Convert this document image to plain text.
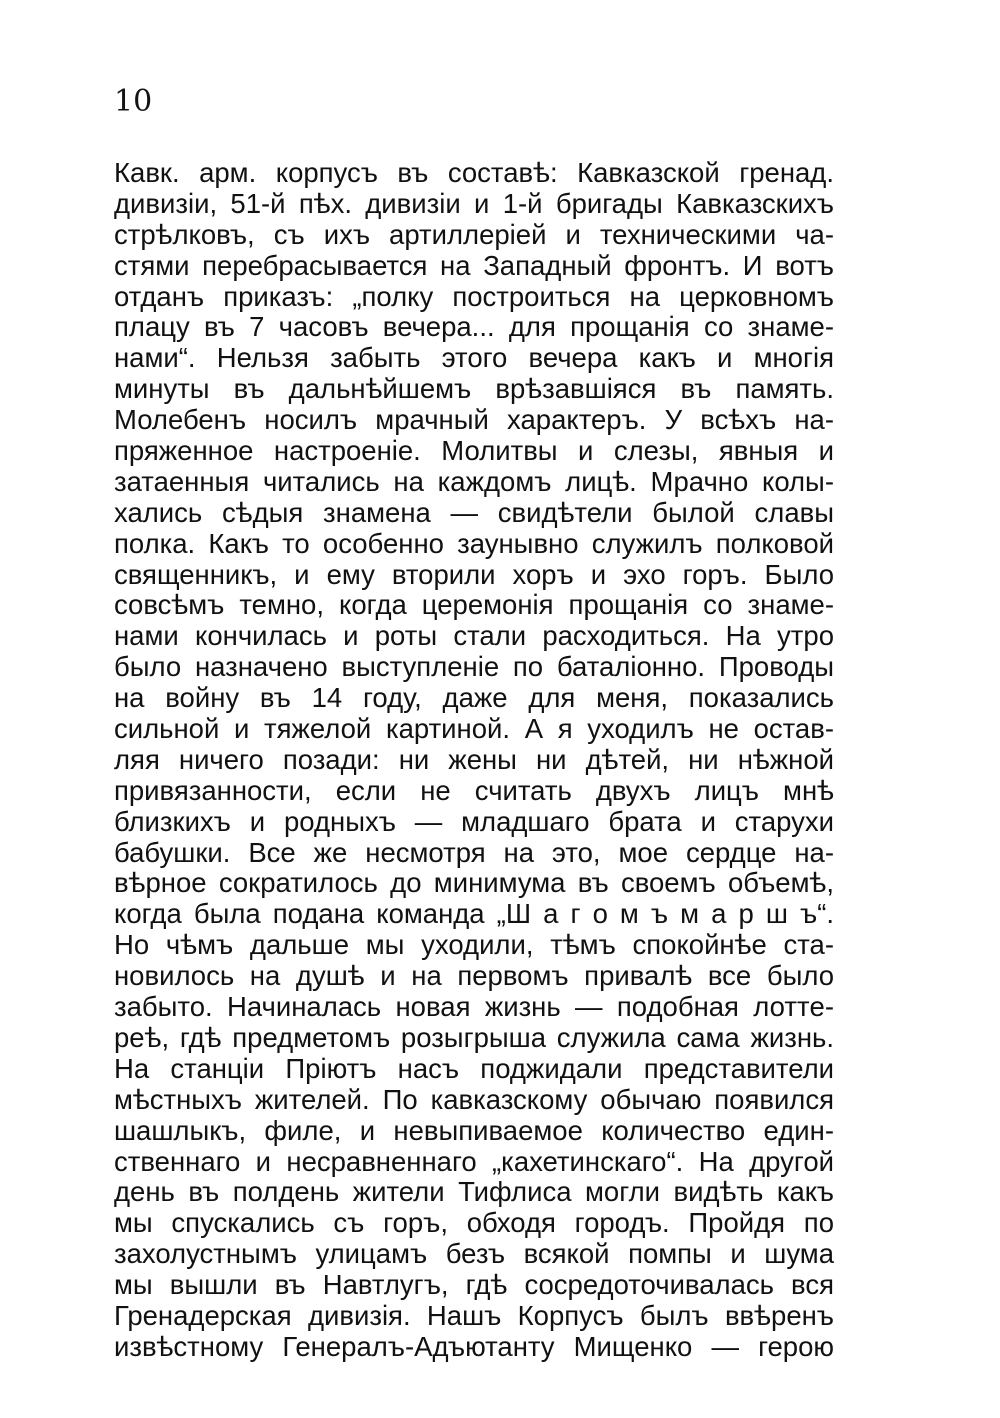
10
Кавк. арм. корпусъ въ составѣ: Кавказской гренад.
дивизіи, 51-й пѣх. дивизіи и 1-й бригады Кавказскихъ
стрѣлковъ, съ ихъ артиллеріей и техническими ча-
стями перебрасывается на Западный фронтъ. И вотъ
отданъ приказъ: „полку построиться на церковномъ
плацу въ 7 часовъ вечера... для прощанія со знаме-
нами“. Нельзя забыть этого вечера какъ и многія
минуты въ дальнѣйшемъ врѣзавшіяся въ память.
Молебенъ носилъ мрачный характеръ. У всѣхъ на-
пряженное настроеніе. Молитвы и слезы, явныя и
затаенныя читались на каждомъ лицѣ. Мрачно колы-
хались сѣдыя знамена — свидѣтели былой славы
полка. Какъ то особенно заунывно служилъ полковой
священникъ, и ему вторили хоръ и эхо горъ. Было
совсѣмъ темно, когда церемонія прощанія со знаме-
нами кончилась и роты стали расходиться. На утро
было назначено выступленіе по баталіонно. Проводы
на войну въ 14 году, даже для меня, показались
сильной и тяжелой картиной. А я уходилъ не остав-
ляя ничего позади: ни жены ни дѣтей, ни нѣжной
привязанности, если не считать двухъ лицъ мнѣ
близкихъ и родныхъ — младшаго брата и старухи
бабушки. Все же несмотря на это, мое сердце на-
вѣрное сократилось до минимума въ своемъ объемѣ,
когда была подана команда „Ш а г о м ъ м а р ш ъ“.
Но чѣмъ дальше мы уходили, тѣмъ спокойнѣе ста-
новилось на душѣ и на первомъ привалѣ все было
забыто. Начиналась новая жизнь — подобная лоттe-
реѣ, гдѣ предметомъ розыгрыша служила сама жизнь.
На станціи Пріютъ насъ поджидали представители
мѣстныхъ жителей. По кавказскому обычаю появился
шашлыкъ, филе, и невыпиваемое количество един-
ственнаго и несравненнаго „кахетинскаго“. На другой
день въ полдень жители Тифлиса могли видѣть какъ
мы спускались съ горъ, обходя городъ. Пройдя по
захолустнымъ улицамъ безъ всякой помпы и шума
мы вышли въ Навтлугъ, гдѣ сосредоточивалась вся
Гренадерская дивизія. Нашъ Корпусъ былъ ввѣренъ
извѣстному Генералъ-Адъютанту Мищенко — герою
